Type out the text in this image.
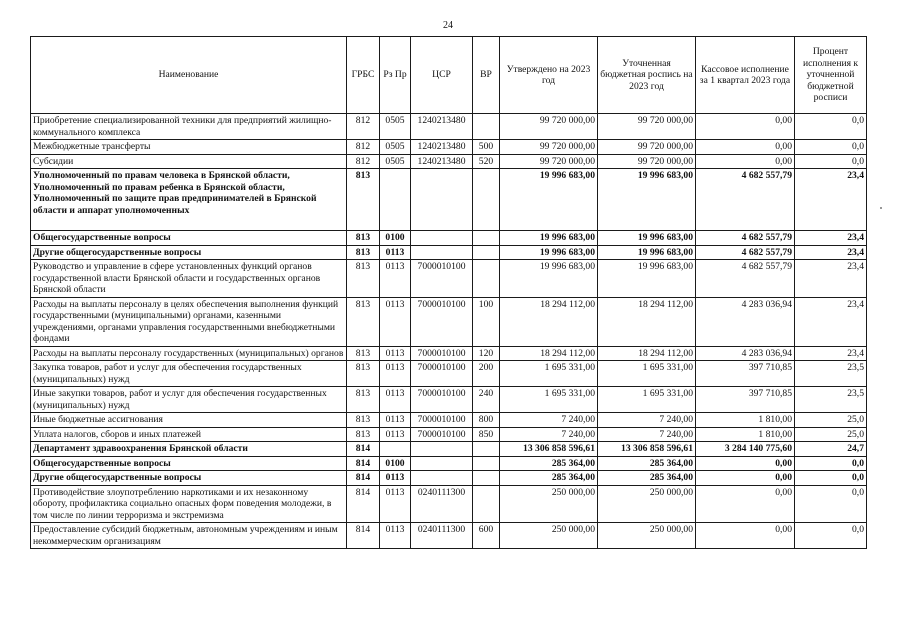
24
Наименование	ГРБС	Рз Пр	ЦСР	ВР	Утверждено на 2023 год	Уточненная бюджетная роспись на 2023 год	Кассовое исполнение за 1 квартал 2023 года	Процент исполнения к уточненной бюджетной росписи
Приобретение специализированной техники для предприятий жилищно-коммунального комплекса	812	0505	1240213480		99 720 000,00	99 720 000,00	0,00	0,0
Межбюджетные трансферты	812	0505	1240213480	500	99 720 000,00	99 720 000,00	0,00	0,0
Субсидии	812	0505	1240213480	520	99 720 000,00	99 720 000,00	0,00	0,0
Уполномоченный по правам человека в Брянской области, Уполномоченный по правам ребенка в Брянской области, Уполномоченный по защите прав предпринимателей в Брянской области и аппарат уполномоченных	813				19 996 683,00	19 996 683,00	4 682 557,79	23,4
Общегосударственные вопросы	813	0100			19 996 683,00	19 996 683,00	4 682 557,79	23,4
Другие общегосударственные вопросы	813	0113			19 996 683,00	19 996 683,00	4 682 557,79	23,4
Руководство и управление в сфере установленных функций органов государственной власти Брянской области и государственных органов Брянской области	813	0113	7000010100		19 996 683,00	19 996 683,00	4 682 557,79	23,4
Расходы на выплаты персоналу в целях обеспечения выполнения функций государственными (муниципальными) органами, казенными учреждениями, органами управления государственными внебюджетными фондами	813	0113	7000010100	100	18 294 112,00	18 294 112,00	4 283 036,94	23,4
Расходы на выплаты персоналу государственных (муниципальных) органов	813	0113	7000010100	120	18 294 112,00	18 294 112,00	4 283 036,94	23,4
Закупка товаров, работ и услуг для обеспечения государственных (муниципальных) нужд	813	0113	7000010100	200	1 695 331,00	1 695 331,00	397 710,85	23,5
Иные закупки товаров, работ и услуг для обеспечения государственных (муниципальных) нужд	813	0113	7000010100	240	1 695 331,00	1 695 331,00	397 710,85	23,5
Иные бюджетные ассигнования	813	0113	7000010100	800	7 240,00	7 240,00	1 810,00	25,0
Уплата налогов, сборов и иных платежей	813	0113	7000010100	850	7 240,00	7 240,00	1 810,00	25,0
Департамент здравоохранения Брянской области	814				13 306 858 596,61	13 306 858 596,61	3 284 140 775,60	24,7
Общегосударственные вопросы	814	0100			285 364,00	285 364,00	0,00	0,0
Другие общегосударственные вопросы	814	0113			285 364,00	285 364,00	0,00	0,0
Противодействие злоупотреблению наркотиками и их незаконному обороту, профилактика социально опасных форм поведения молодежи, в том числе по линии терроризма и экстремизма	814	0113	0240111300		250 000,00	250 000,00	0,00	0,0
Предоставление субсидий бюджетным, автономным учреждениям и иным некоммерческим организациям	814	0113	0240111300	600	250 000,00	250 000,00	0,00	0,0
